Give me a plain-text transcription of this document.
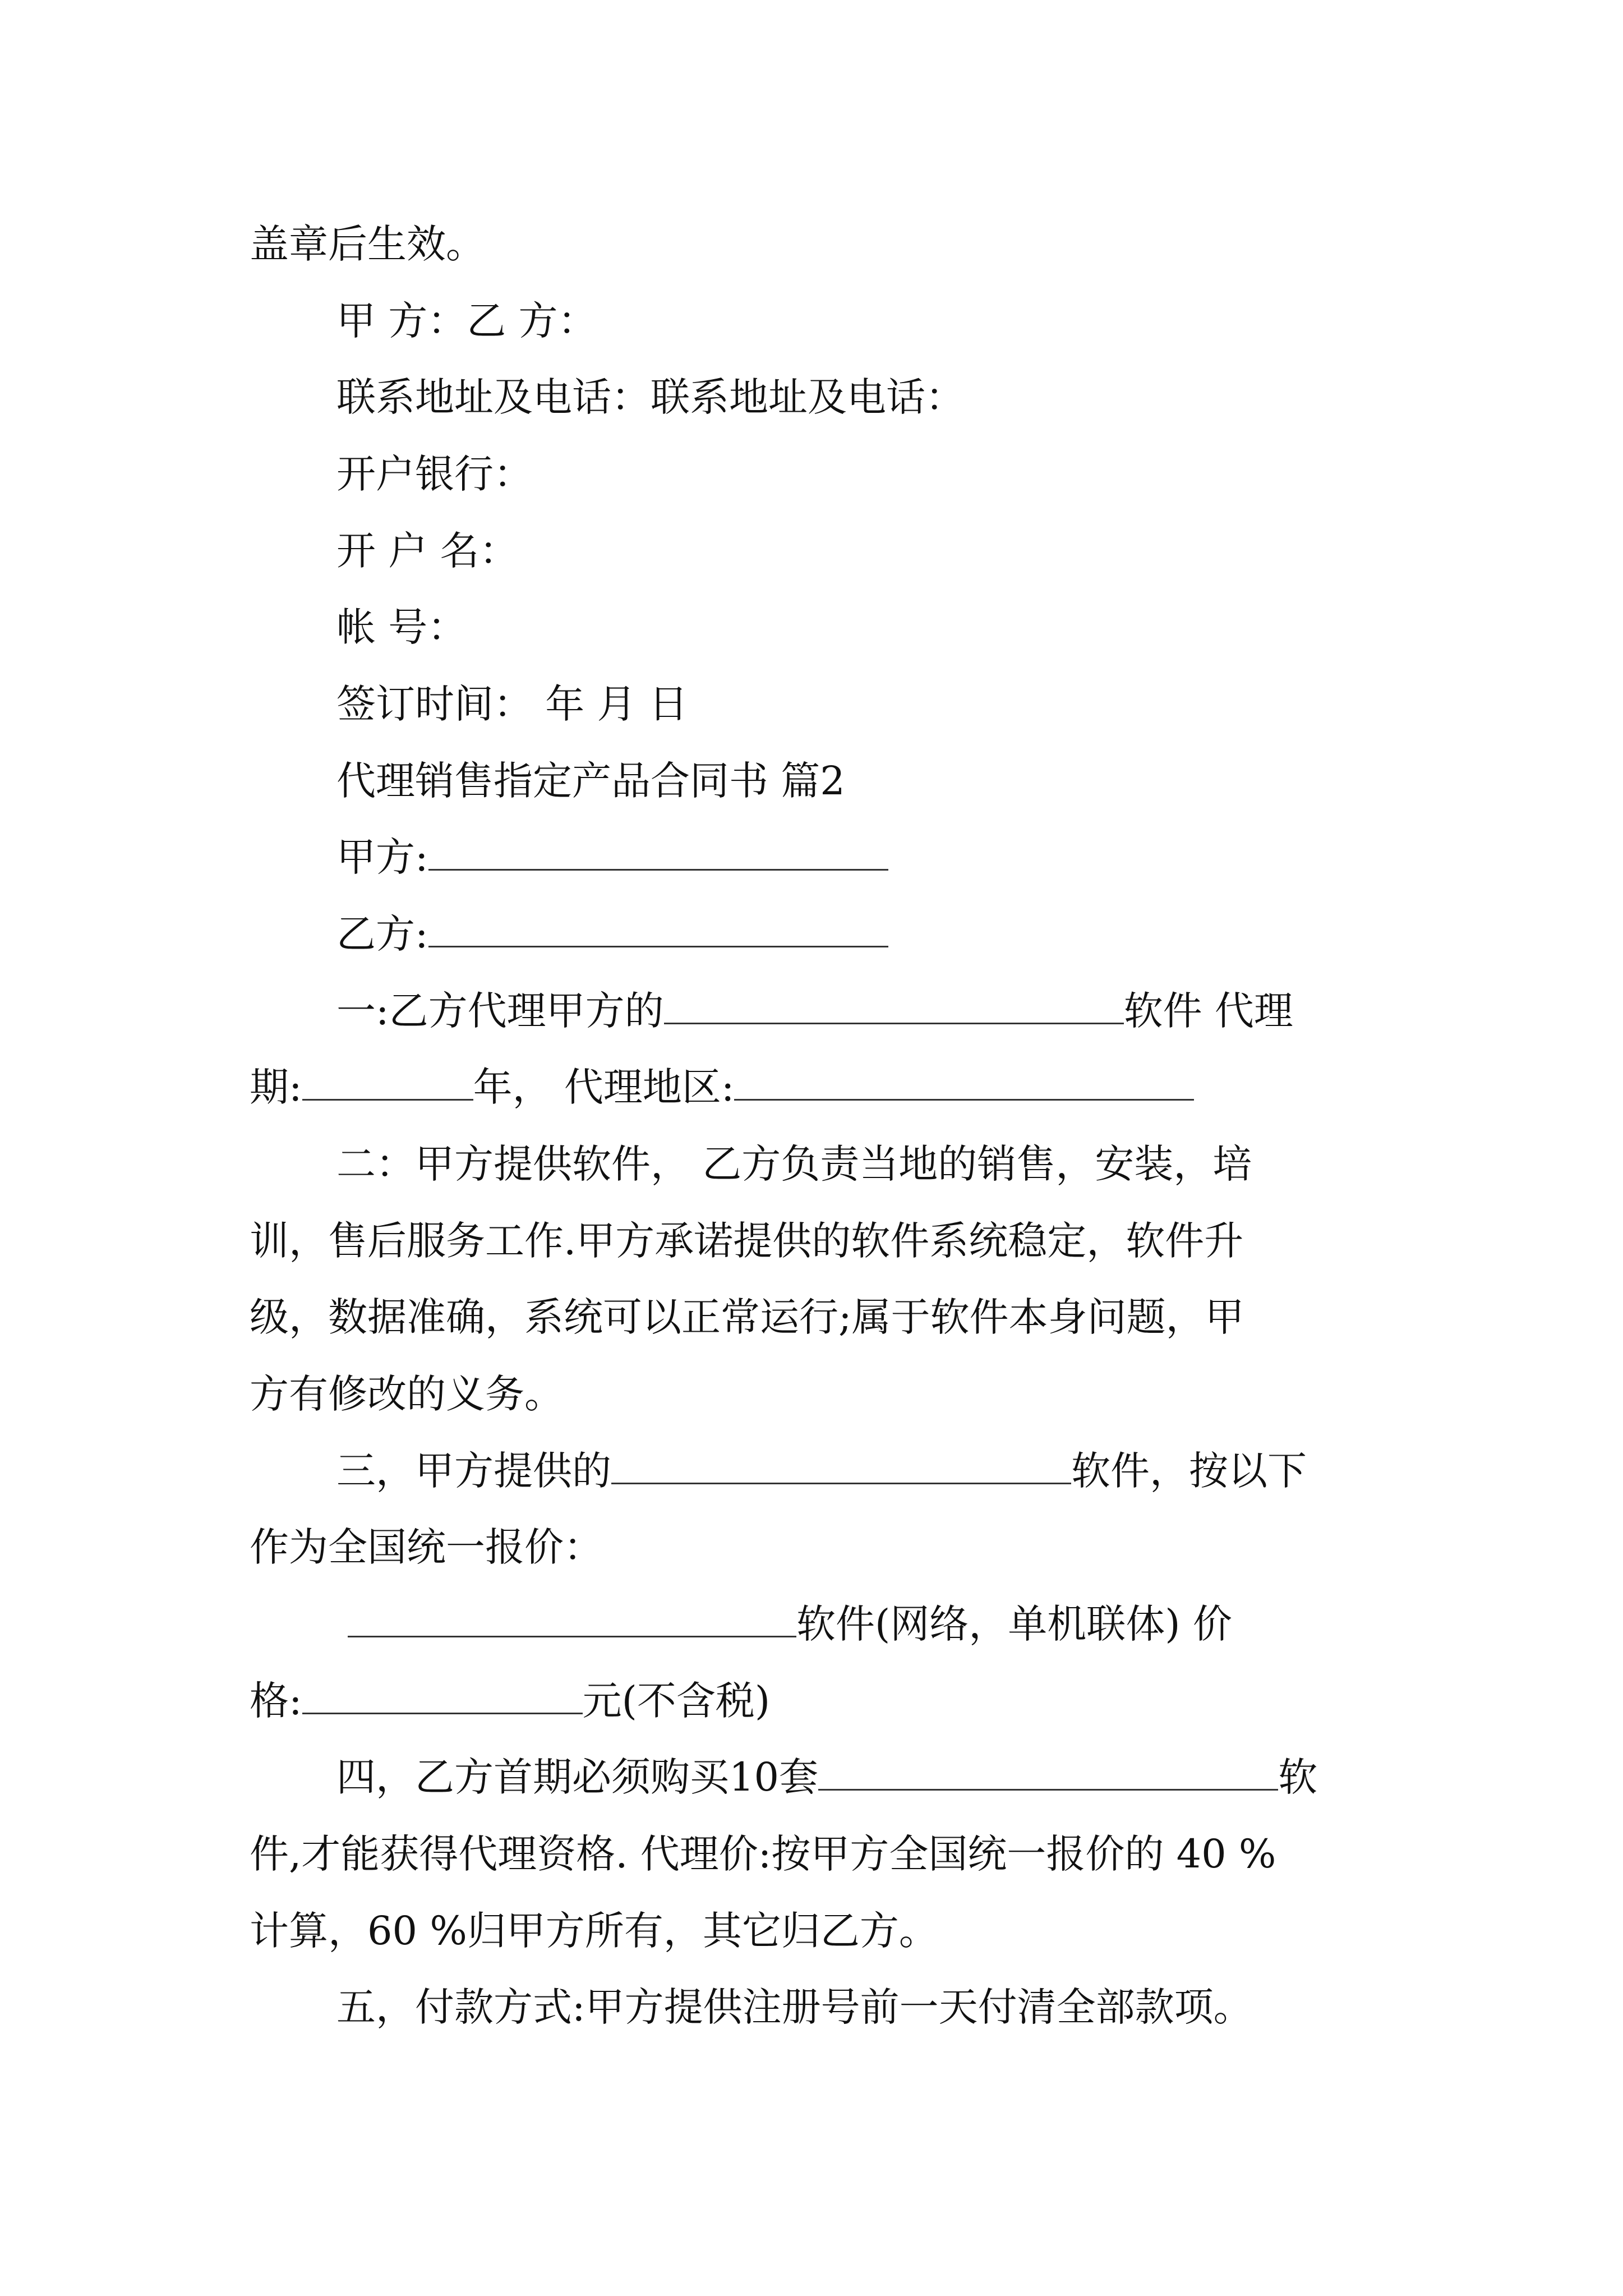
盖章后生效。
甲 方：乙 方：
联系地址及电话：联系地址及电话：
开户银行：
开 户 名：
帐 号：
签订时间： 年 月 日
代理销售指定产品合同书 篇2
甲方:
乙方:
一:乙方代理甲方的	软件 代理
期:	年， 代理地区:
二：甲方提供软件， 乙方负责当地的销售，安装，培
训，售后服务工作.甲方承诺提供的软件系统稳定，软件升
级，数据准确，系统可以正常运行;属于软件本身问题，甲
方有修改的义务。
三，甲方提供的	软件，按以下
作为全国统一报价：
软件(网络，单机联体) 价
格:	元(不含税)
四，乙方首期必须购买10套	软
件,才能获得代理资格. 代理价:按甲方全国统一报价的 40 %
计算，60 %归甲方所有，其它归乙方。
五，付款方式:甲方提供注册号前一天付清全部款项。
